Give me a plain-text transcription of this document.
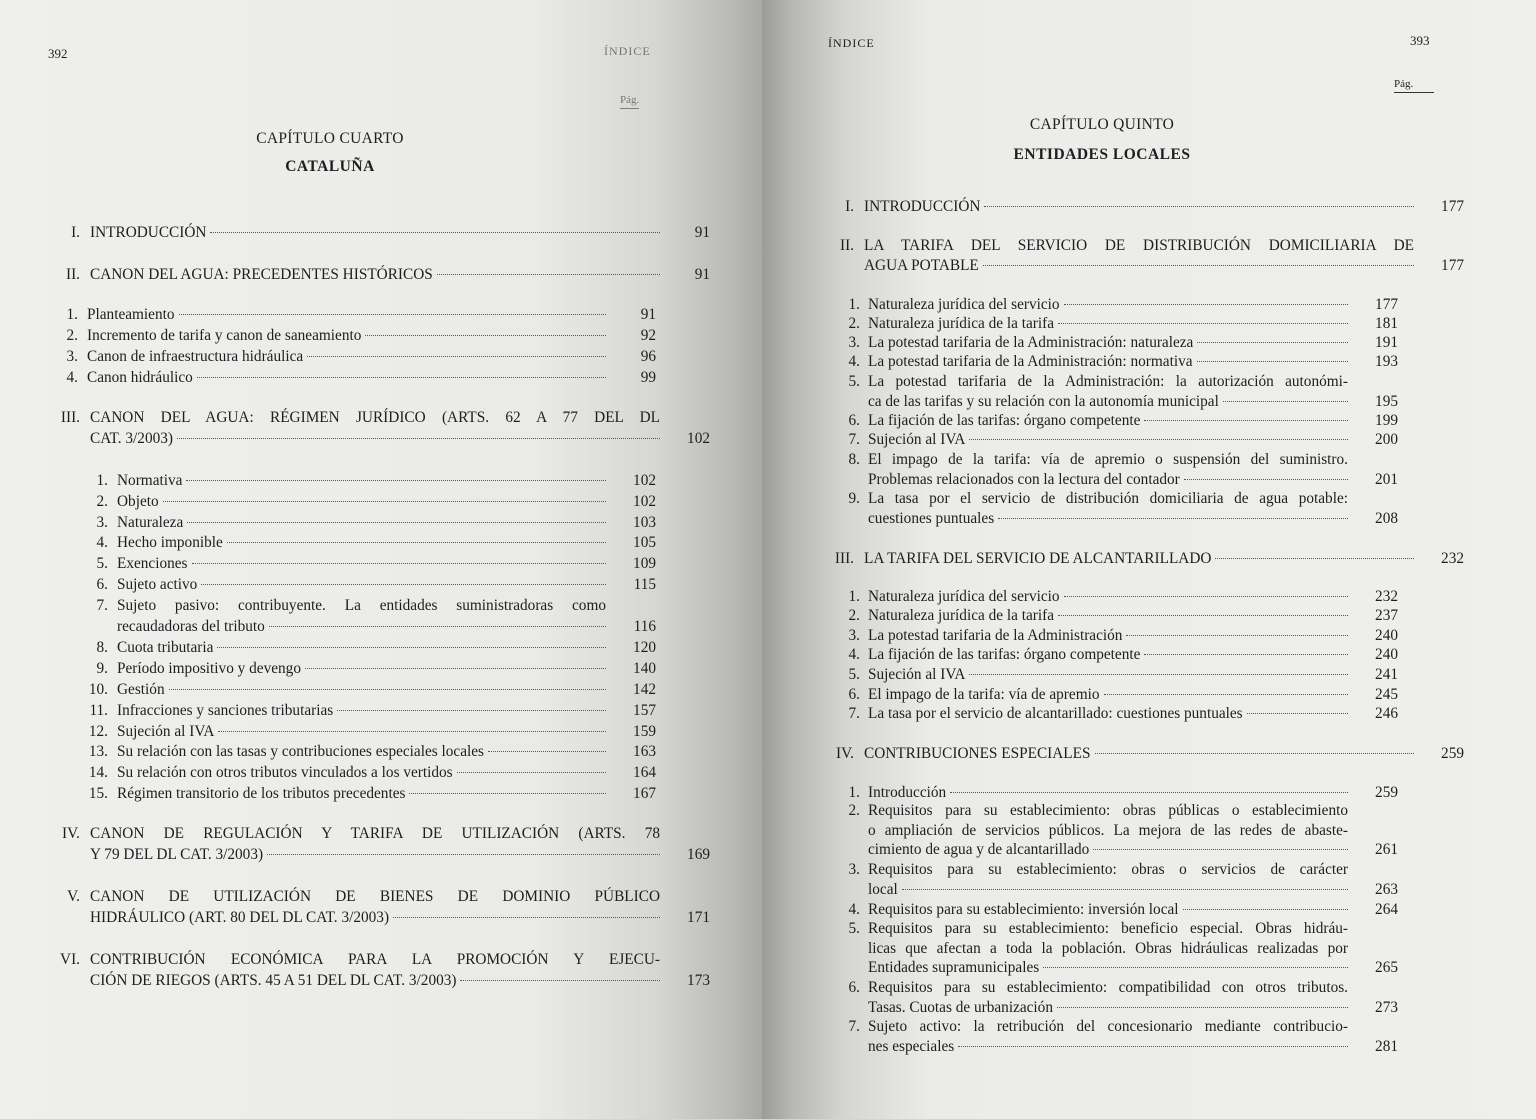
392	ÍNDICE
Pág.
CAPÍTULO CUARTO
CATALUÑA
I. INTRODUCCIÓN	91
II. CANON DEL AGUA: PRECEDENTES HISTÓRICOS	91
1. Planteamiento	91
2. Incremento de tarifa y canon de saneamiento	92
3. Canon de infraestructura hidráulica	96
4. Canon hidráulico	99
III. CANON DEL AGUA: RÉGIMEN JURÍDICO (ARTS. 62 A 77 DEL DL
CAT. 3/2003)	102
1. Normativa	102
2. Objeto	102
3. Naturaleza	103
4. Hecho imponible	105
5. Exenciones	109
6. Sujeto activo	115
7. Sujeto pasivo: contribuyente. La entidades suministradoras como
recaudadoras del tributo	116
8. Cuota tributaria	120
9. Período impositivo y devengo	140
10. Gestión	142
11. Infracciones y sanciones tributarias	157
12. Sujeción al IVA	159
13. Su relación con las tasas y contribuciones especiales locales	163
14. Su relación con otros tributos vinculados a los vertidos	164
15. Régimen transitorio de los tributos precedentes	167
IV. CANON DE REGULACIÓN Y TARIFA DE UTILIZACIÓN (ARTS. 78
Y 79 DEL DL CAT. 3/2003)	169
V. CANON DE UTILIZACIÓN DE BIENES DE DOMINIO PÚBLICO
HIDRÁULICO (ART. 80 DEL DL CAT. 3/2003)	171
VI. CONTRIBUCIÓN ECONÓMICA PARA LA PROMOCIÓN Y EJECU-
CIÓN DE RIEGOS (ARTS. 45 A 51 DEL DL CAT. 3/2003)	173
ÍNDICE	393
Pág.
CAPÍTULO QUINTO
ENTIDADES LOCALES
I. INTRODUCCIÓN	177
II. LA TARIFA DEL SERVICIO DE DISTRIBUCIÓN DOMICILIARIA DE
AGUA POTABLE	177
1. Naturaleza jurídica del servicio	177
2. Naturaleza jurídica de la tarifa	181
3. La potestad tarifaria de la Administración: naturaleza	191
4. La potestad tarifaria de la Administración: normativa	193
5. La potestad tarifaria de la Administración: la autorización autonómi-
ca de las tarifas y su relación con la autonomía municipal	195
6. La fijación de las tarifas: órgano competente	199
7. Sujeción al IVA	200
8. El impago de la tarifa: vía de apremio o suspensión del suministro.
Problemas relacionados con la lectura del contador	201
9. La tasa por el servicio de distribución domiciliaria de agua potable:
cuestiones puntuales	208
III. LA TARIFA DEL SERVICIO DE ALCANTARILLADO	232
1. Naturaleza jurídica del servicio	232
2. Naturaleza jurídica de la tarifa	237
3. La potestad tarifaria de la Administración	240
4. La fijación de las tarifas: órgano competente	240
5. Sujeción al IVA	241
6. El impago de la tarifa: vía de apremio	245
7. La tasa por el servicio de alcantarillado: cuestiones puntuales	246
IV. CONTRIBUCIONES ESPECIALES	259
1. Introducción	259
2. Requisitos para su establecimiento: obras públicas o establecimiento
o ampliación de servicios públicos. La mejora de las redes de abaste-
cimiento de agua y de alcantarillado	261
3. Requisitos para su establecimiento: obras o servicios de carácter
local	263
4. Requisitos para su establecimiento: inversión local	264
5. Requisitos para su establecimiento: beneficio especial. Obras hidráu-
licas que afectan a toda la población. Obras hidráulicas realizadas por
Entidades supramunicipales	265
6. Requisitos para su establecimiento: compatibilidad con otros tributos.
Tasas. Cuotas de urbanización	273
7. Sujeto activo: la retribución del concesionario mediante contribucio-
nes especiales	281
